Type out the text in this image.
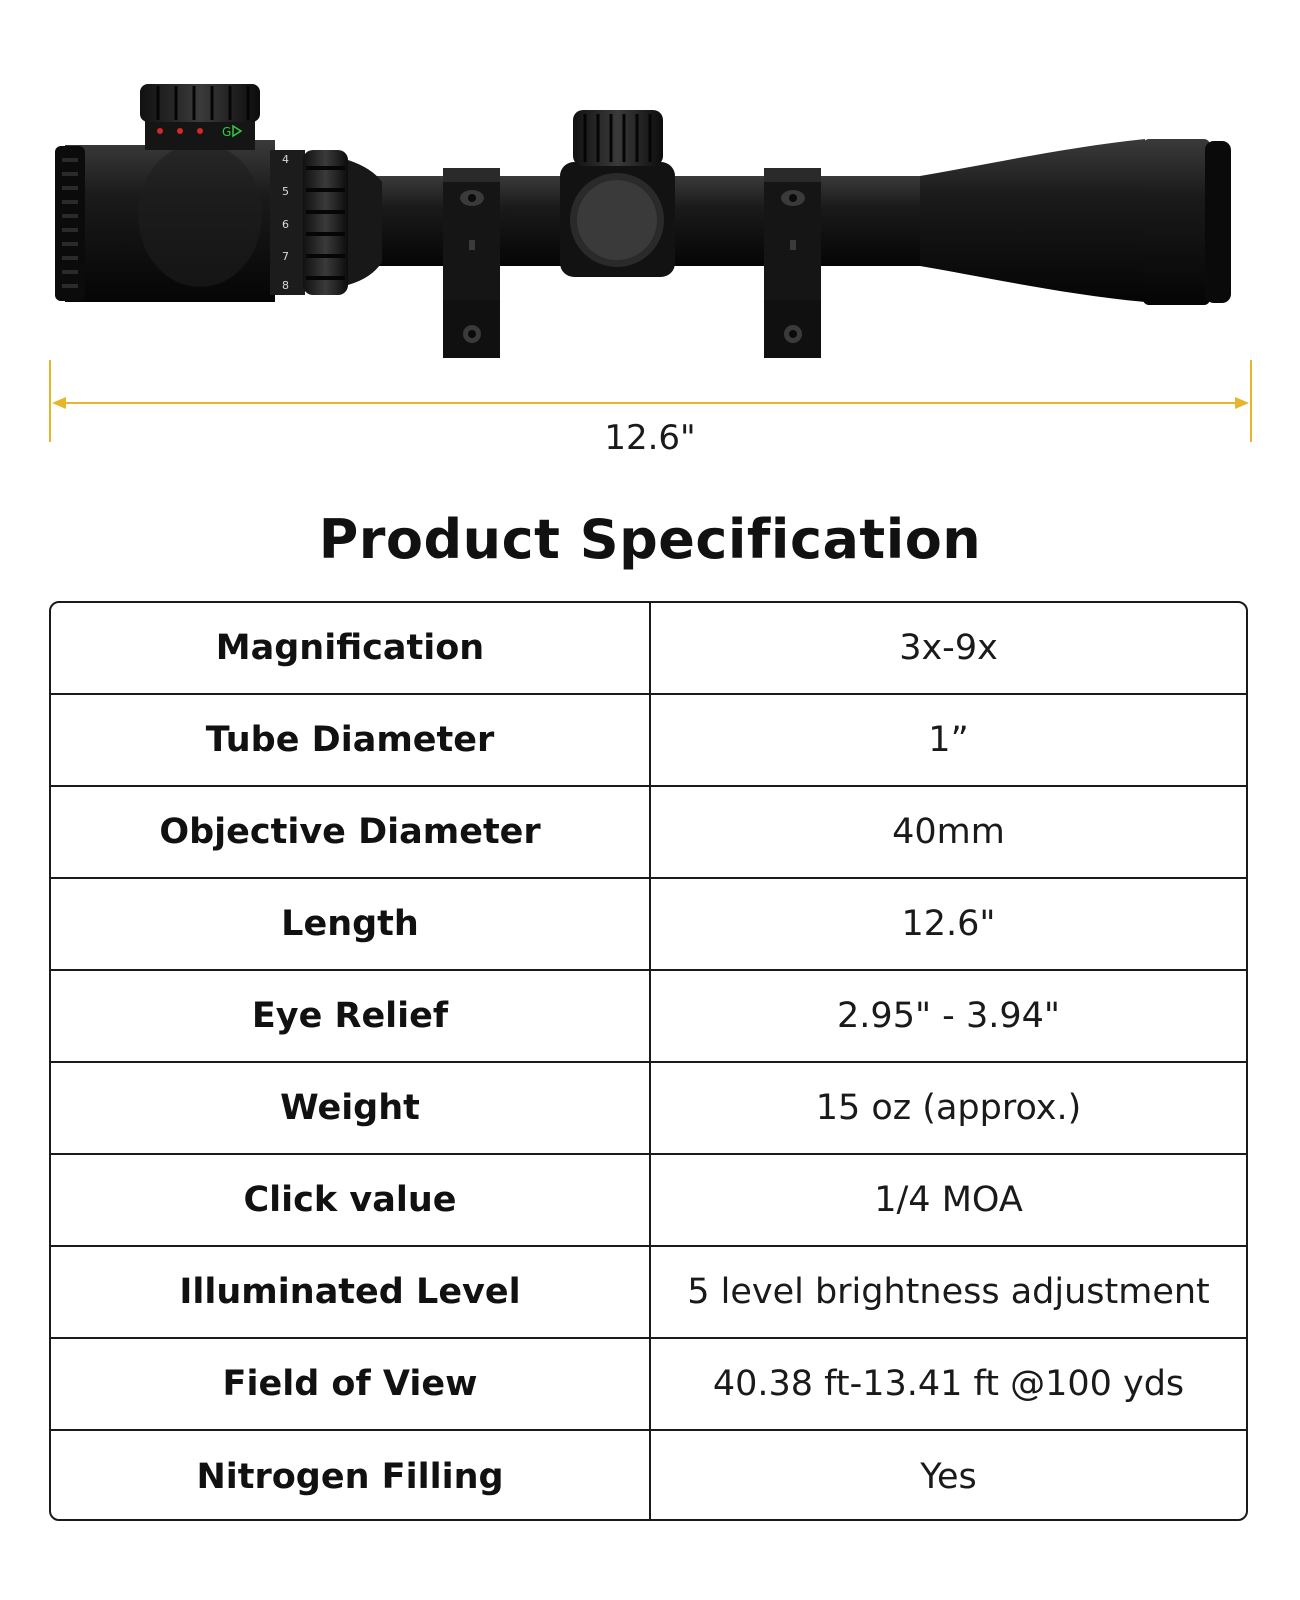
G
4
5
6
7
8
12.6"
Product Specification
Magnification	3x-9x
Tube Diameter	1”
Objective Diameter	40mm
Length	12.6"
Eye Relief	2.95" - 3.94"
Weight	15 oz (approx.)
Click value	1/4 MOA
Illuminated Level	5 level brightness adjustment
Field of View	40.38 ft-13.41 ft @100 yds
Nitrogen Filling	Yes
